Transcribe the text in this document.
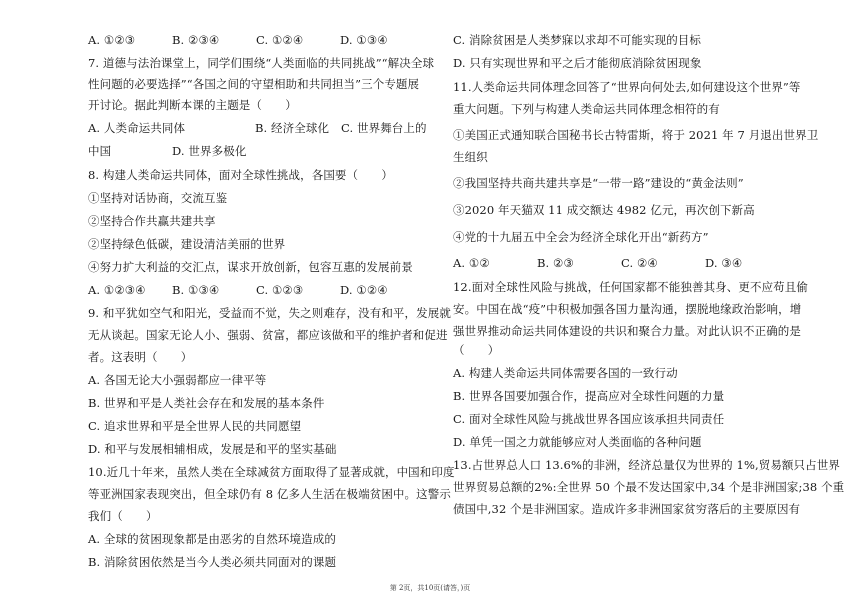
A. ①②③	B. ②③④	C. ①②④	D. ①③④
7. 道德与法治课堂上，同学们围绕“人类面临的共同挑战”“解决全球
性问题的必要选择”“各国之间的守望相助和共同担当”三个专题展
开讨论。据此判断本课的主题是（　　）
A. 人类命运共同体	B. 经济全球化	C. 世界舞台上的
中国	D. 世界多极化
8. 构建人类命运共同体，面对全球性挑战，各国要（　　）
①坚持对话协商，交流互鉴
②坚持合作共赢共建共享
②坚持绿色低碳，建设清洁美丽的世界
④努力扩大利益的交汇点，谋求开放创新，包容互惠的发展前景
A. ①②③④	B. ①③④	C. ①②③	D. ①②④
9. 和平犹如空气和阳光，受益而不觉，失之则难存，没有和平，发展就
无从谈起。国家无论人小、强弱、贫富，都应该做和平的维护者和促进
者。这表明（　　）
A. 各国无论大小强弱都应一律平等
B. 世界和平是人类社会存在和发展的基本条件
C. 追求世界和平是全世界人民的共同愿望
D. 和平与发展相辅相成，发展是和平的坚实基础
10.近几十年来，虽然人类在全球减贫方面取得了显著成就，中国和印度
等亚洲国家表现突出，但全球仍有 8 亿多人生活在极端贫困中。这警示
我们（　　）
A. 全球的贫困现象都是由恶劣的自然环境造成的
B. 消除贫困依然是当今人类必须共同面对的课题
C. 消除贫困是人类梦寐以求却不可能实现的目标
D. 只有实现世界和平之后才能彻底消除贫困现象
11.人类命运共同体理念回答了“世界向何处去,如何建设这个世界”等
重大问题。下列与构建人类命运共同体理念相符的有
①美国正式通知联合国秘书长古特雷斯，将于 2021 年 7 月退出世界卫
生组织
②我国坚持共商共建共享是“一带一路”建设的“黄金法则”
③2020 年天猫双 11 成交额达 4982 亿元，再次创下新高
④党的十九届五中全会为经济全球化开出“新药方”
A. ①②	B. ②③	C. ②④	D. ③④
12.面对全球性风险与挑战，任何国家都不能独善其身、更不应苟且偷
安。中国在战“疫”中积极加强各国力量沟通，摆脱地缘政治影响，增
强世界推动命运共同体建设的共识和聚合力量。对此认识不正确的是
（　　）
A. 构建人类命运共同体需要各国的一致行动
B. 世界各国要加强合作，提高应对全球性问题的力量
C. 面对全球性风险与挑战世界各国应该承担共同责任
D. 单凭一国之力就能够应对人类面临的各种问题
13.占世界总人口 13.6%的非洲，经济总量仅为世界的 1%,贸易额只占世界
世界贸易总额的2%:全世界 50 个最不发达国家中,34 个是非洲国家;38 个重
债国中,32 个是非洲国家。造成许多非洲国家贫穷落后的主要原因有
第 2页，共10页(请答，)页
